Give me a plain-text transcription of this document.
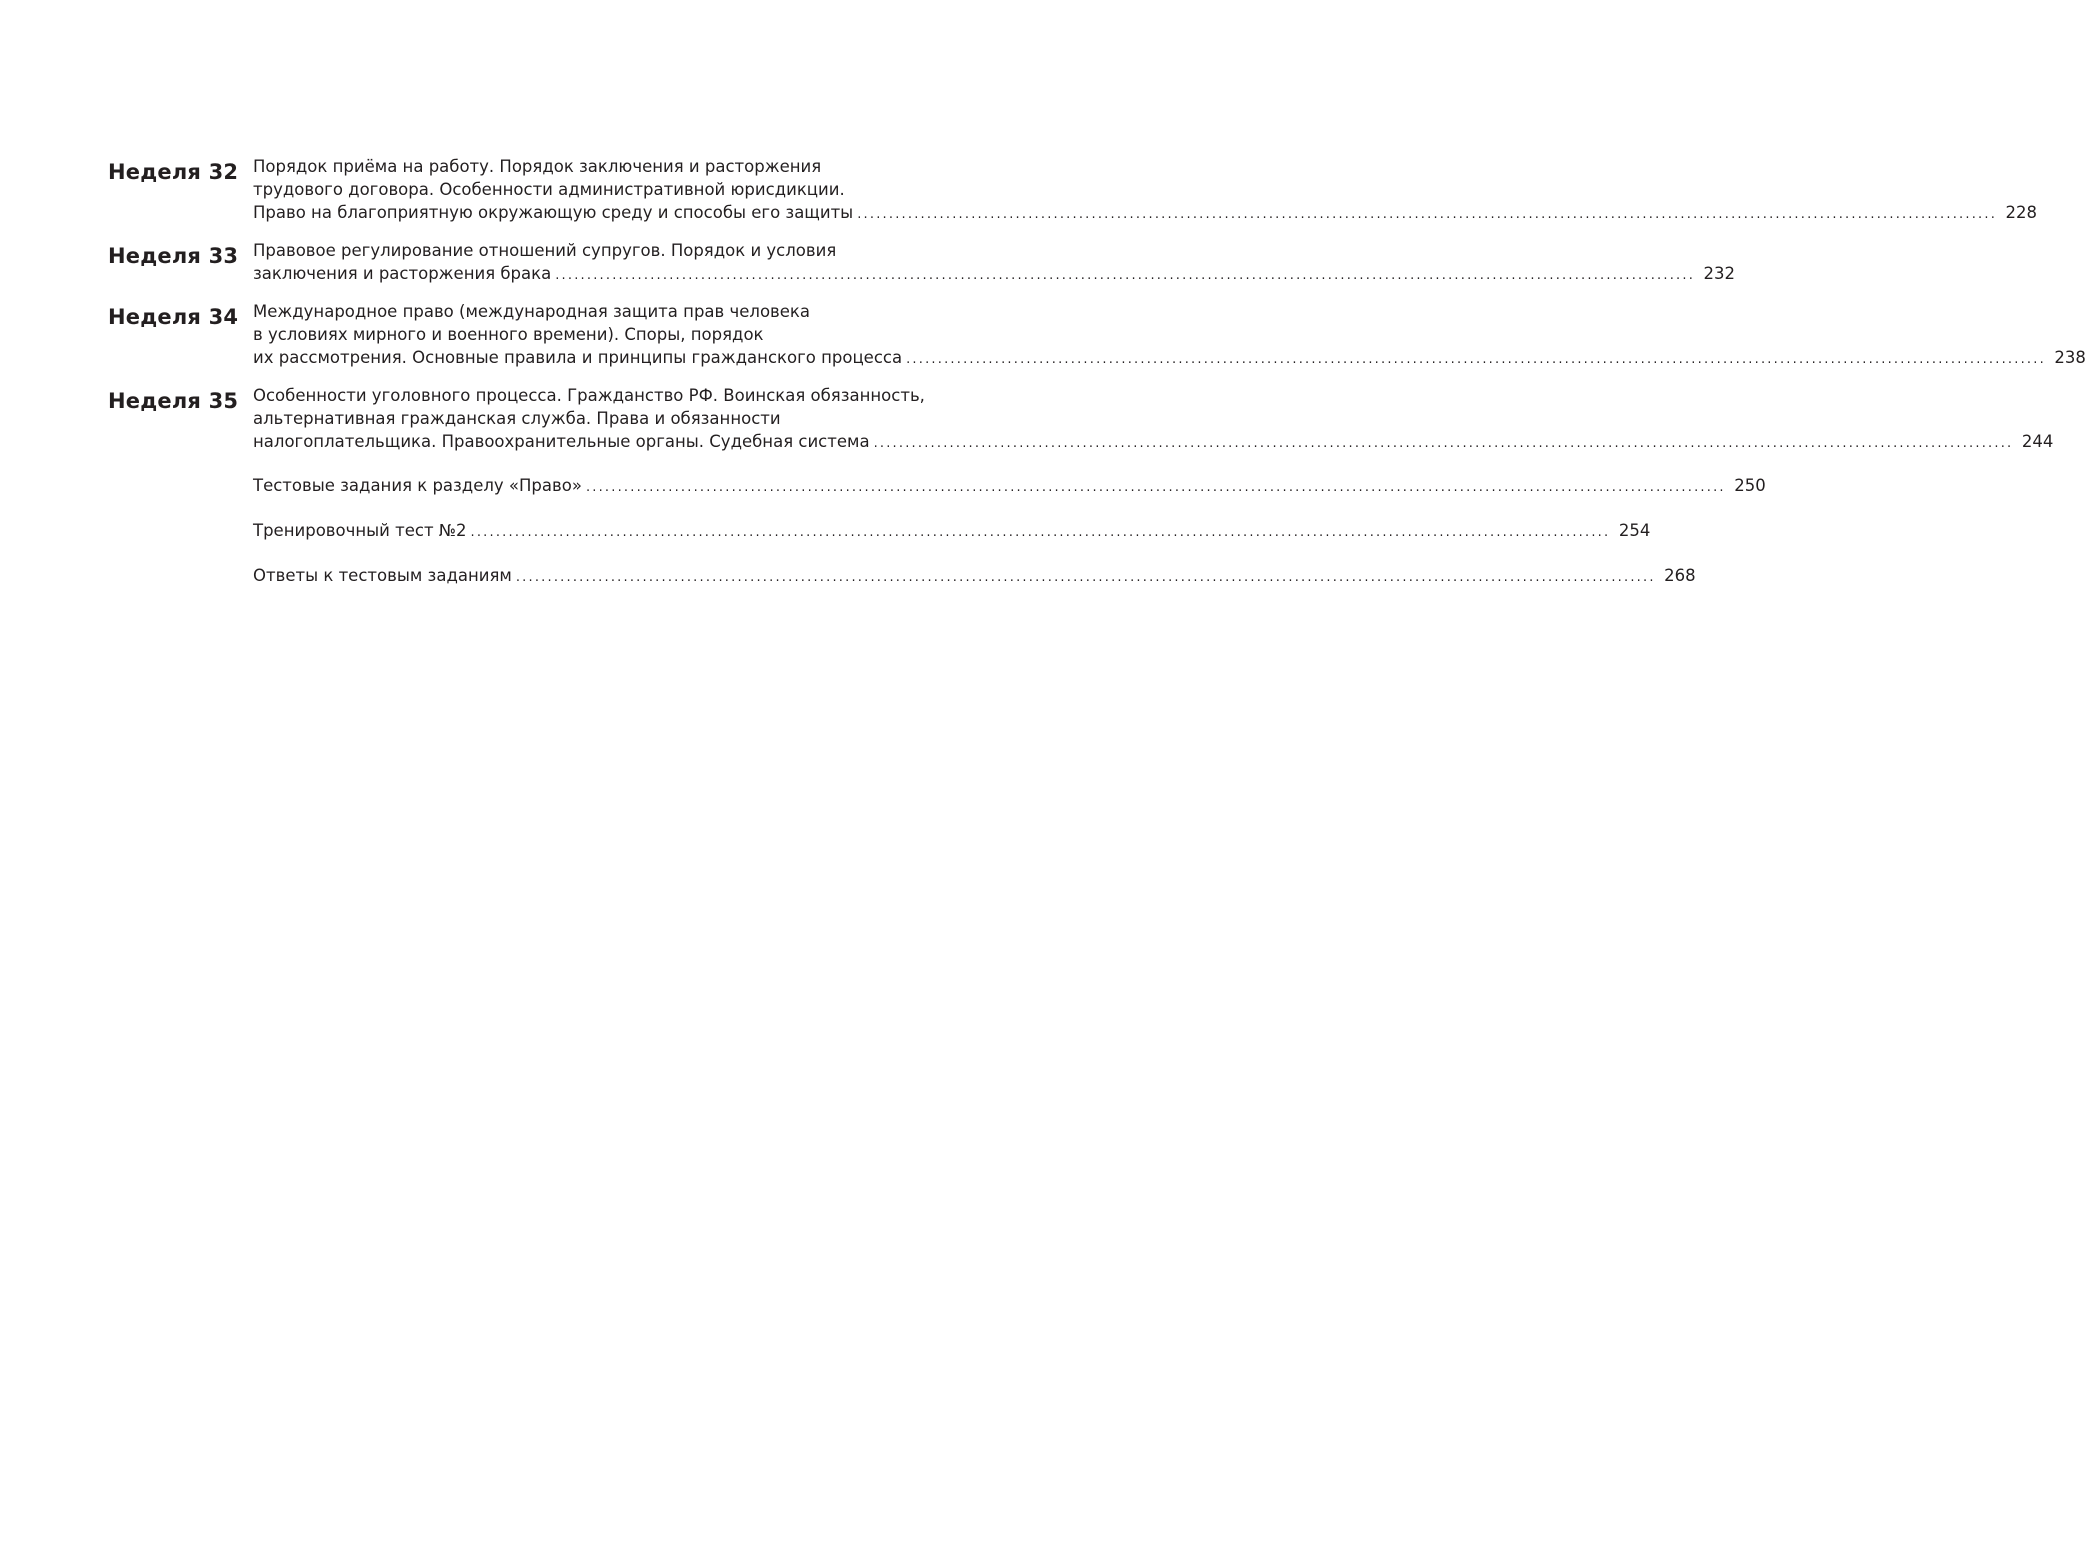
Неделя 32 Порядок приёма на работу. Порядок заключения и расторжения
трудового договора. Особенности административной юрисдикции.
Право на благоприятную окружающую среду и способы его защиты .................................................................................................................................................................................... 228
Неделя 33 Правовое регулирование отношений супругов. Порядок и условия
заключения и расторжения брака .................................................................................................................................................................................... 232
Неделя 34 Международное право (международная защита прав человека
в условиях мирного и военного времени). Споры, порядок
их рассмотрения. Основные правила и принципы гражданского процесса .................................................................................................................................................................................... 238
Неделя 35 Особенности уголовного процесса. Гражданство РФ. Воинская обязанность,
альтернативная гражданская служба. Права и обязанности
налогоплательщика. Правоохранительные органы. Судебная система .................................................................................................................................................................................... 244
Тестовые задания к разделу «Право» .................................................................................................................................................................................... 250
Тренировочный тест №2 .................................................................................................................................................................................... 254
Ответы к тестовым заданиям .................................................................................................................................................................................... 268
